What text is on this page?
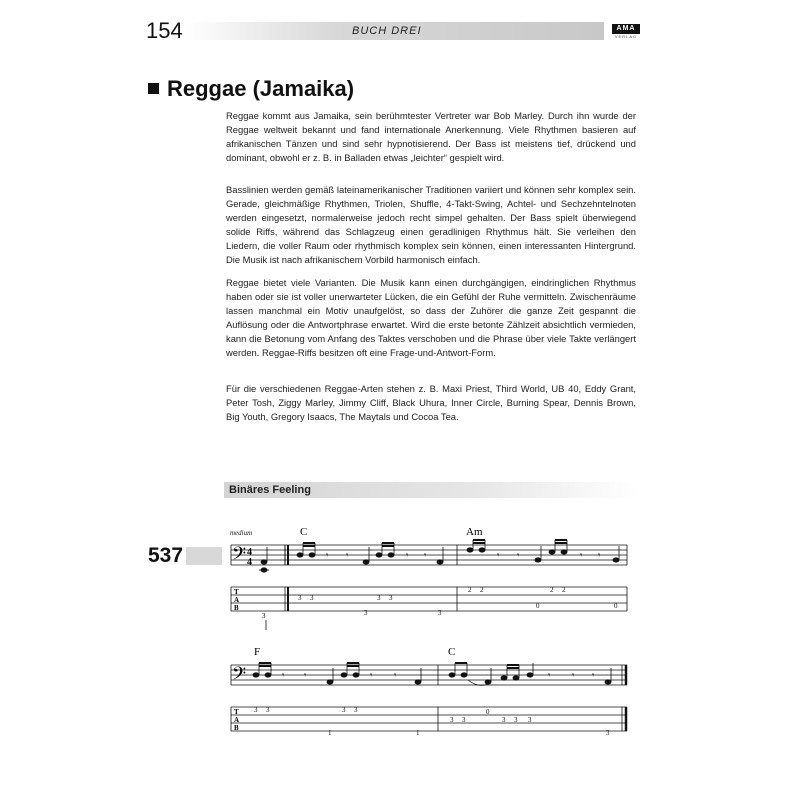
154	BUCH DREI	AMA
VERLAG
Reggae (Jamaika)

Reggae kommt aus Jamaika, sein berühmtester Vertreter war Bob Marley. Durch ihn wurde der Reggae weltweit bekannt und fand internationale Anerkennung. Viele Rhythmen basieren auf afrikanischen Tänzen und sind sehr hypnotisierend. Der Bass ist meistens tief, drückend und dominant, obwohl er z. B. in Balladen etwas „leichter“ gespielt wird.

Basslinien werden gemäß lateinamerikanischer Traditionen variiert und können sehr komplex sein. Gerade, gleichmäßige Rhythmen, Triolen, Shuffle, 4-Takt-Swing, Achtel- und Sechzehntelnoten werden eingesetzt, normalerweise jedoch recht simpel gehalten. Der Bass spielt überwiegend solide Riffs, während das Schlagzeug einen geradlinigen Rhythmus hält. Sie verleihen den Liedern, die voller Raum oder rhythmisch komplex sein können, einen interessanten Hintergrund. Die Musik ist nach afrikanischem Vorbild harmonisch einfach.

Reggae bietet viele Varianten. Die Musik kann einen durchgängigen, eindringlichen Rhythmus haben oder sie ist voller unerwarteter Lücken, die ein Gefühl der Ruhe vermitteln. Zwischenräume lassen manchmal ein Motiv unaufgelöst, so dass der Zuhörer die ganze Zeit gespannt die Auflösung oder die Antwortphrase erwartet. Wird die erste betonte Zählzeit absichtlich vermieden, kann die Betonung vom Anfang des Taktes verschoben und die Phrase über viele Takte verlängert werden. Reggae-Riffs besitzen oft eine Frage-und-Antwort-Form.

Für die verschiedenen Reggae-Arten stehen z. B. Maxi Priest, Third World, UB 40, Eddy Grant, Peter Tosh, Ziggy Marley, Jimmy Cliff, Black Uhura, Inner Circle, Burning Spear, Dennis Brown, Big Youth, Gregory Isaacs, The Maytals und Cocoa Tea.

Binäres Feeling
537
medium	C	Am
F	C
T
A
B
𝄢 4
4
3
𝄾 𝄾	𝄾 𝄾
3 3	3 3
3	3
𝄾 𝄾	𝄾 𝄾
2 2	2 2
0	0
T
A
B
𝄢	𝄾 𝄾	𝄾 𝄾
3 3	3 3
1	1
𝄾 𝄾 𝄾
3 3
0
3 3 3
3
